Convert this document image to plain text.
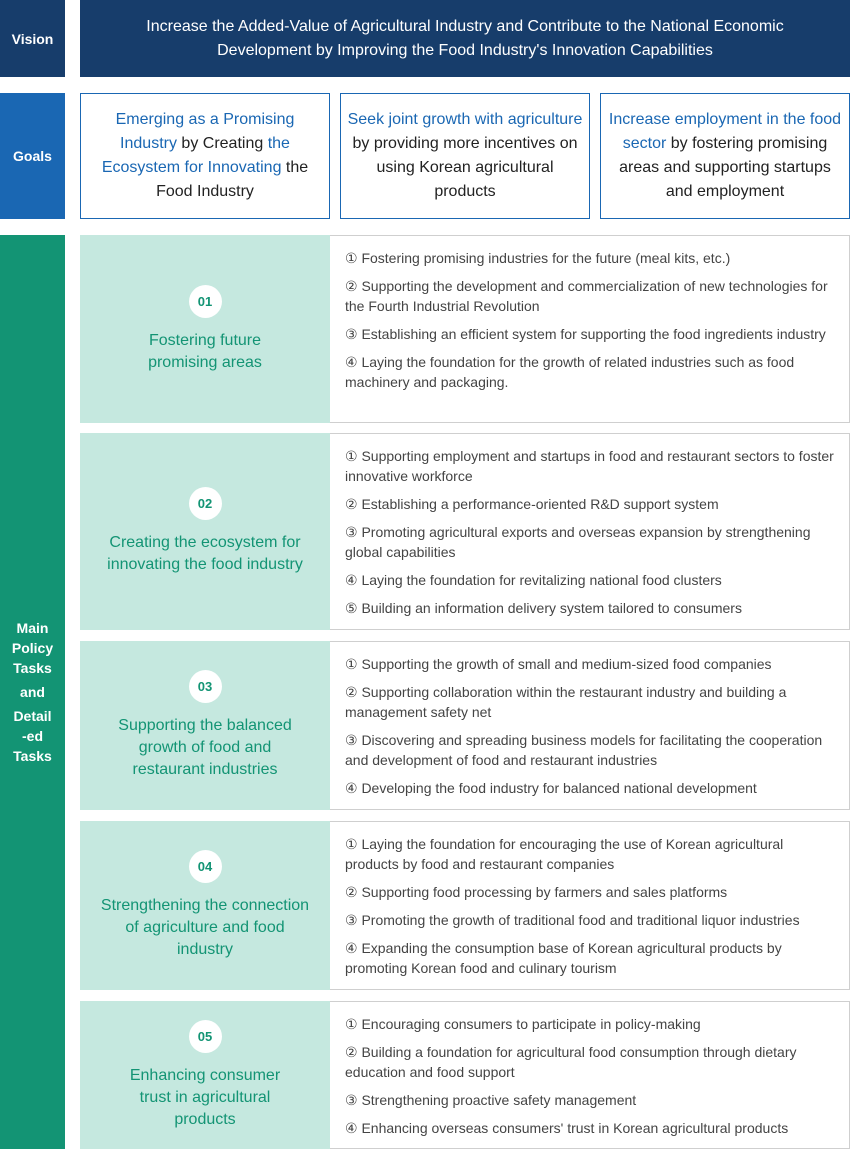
Vision
Increase the Added-Value of Agricultural Industry and Contribute to the National Economic Development by Improving the Food Industry's Innovation Capabilities
Goals
Emerging as a Promising Industry by Creating the Ecosystem for Innovating the Food Industry
Seek joint growth with agriculture by providing more incentives on using Korean agricultural products
Increase employment in the food sector by fostering promising areas and supporting startups and employment
Main
Policy
Tasks
and
Detail
-ed
Tasks
01
Fostering future promising areas
① Fostering promising industries for the future (meal kits, etc.)
② Supporting the development and commercialization of new technologies for the Fourth Industrial Revolution
③ Establishing an efficient system for supporting the food ingredients industry
④ Laying the foundation for the growth of related industries such as food machinery and packaging.
02
Creating the ecosystem for innovating the food industry
① Supporting employment and startups in food and restaurant sectors to foster innovative workforce
② Establishing a performance-oriented R&D support system
③ Promoting agricultural exports and overseas expansion by strengthening global capabilities
④ Laying the foundation for revitalizing national food clusters
⑤ Building an information delivery system tailored to consumers
03
Supporting the balanced growth of food and restaurant industries
① Supporting the growth of small and medium-sized food companies
② Supporting collaboration within the restaurant industry and building a management safety net
③ Discovering and spreading business models for facilitating the cooperation and development of food and restaurant industries
④ Developing the food industry for balanced national development
04
Strengthening the connection of agriculture and food industry
① Laying the foundation for encouraging the use of Korean agricultural products by food and restaurant companies
② Supporting food processing by farmers and sales platforms
③ Promoting the growth of traditional food and traditional liquor industries
④ Expanding the consumption base of Korean agricultural products by promoting Korean food and culinary tourism
05
Enhancing consumer trust in agricultural products
① Encouraging consumers to participate in policy-making
② Building a foundation for agricultural food consumption through dietary education and food support
③ Strengthening proactive safety management
④ Enhancing overseas consumers' trust in Korean agricultural products
